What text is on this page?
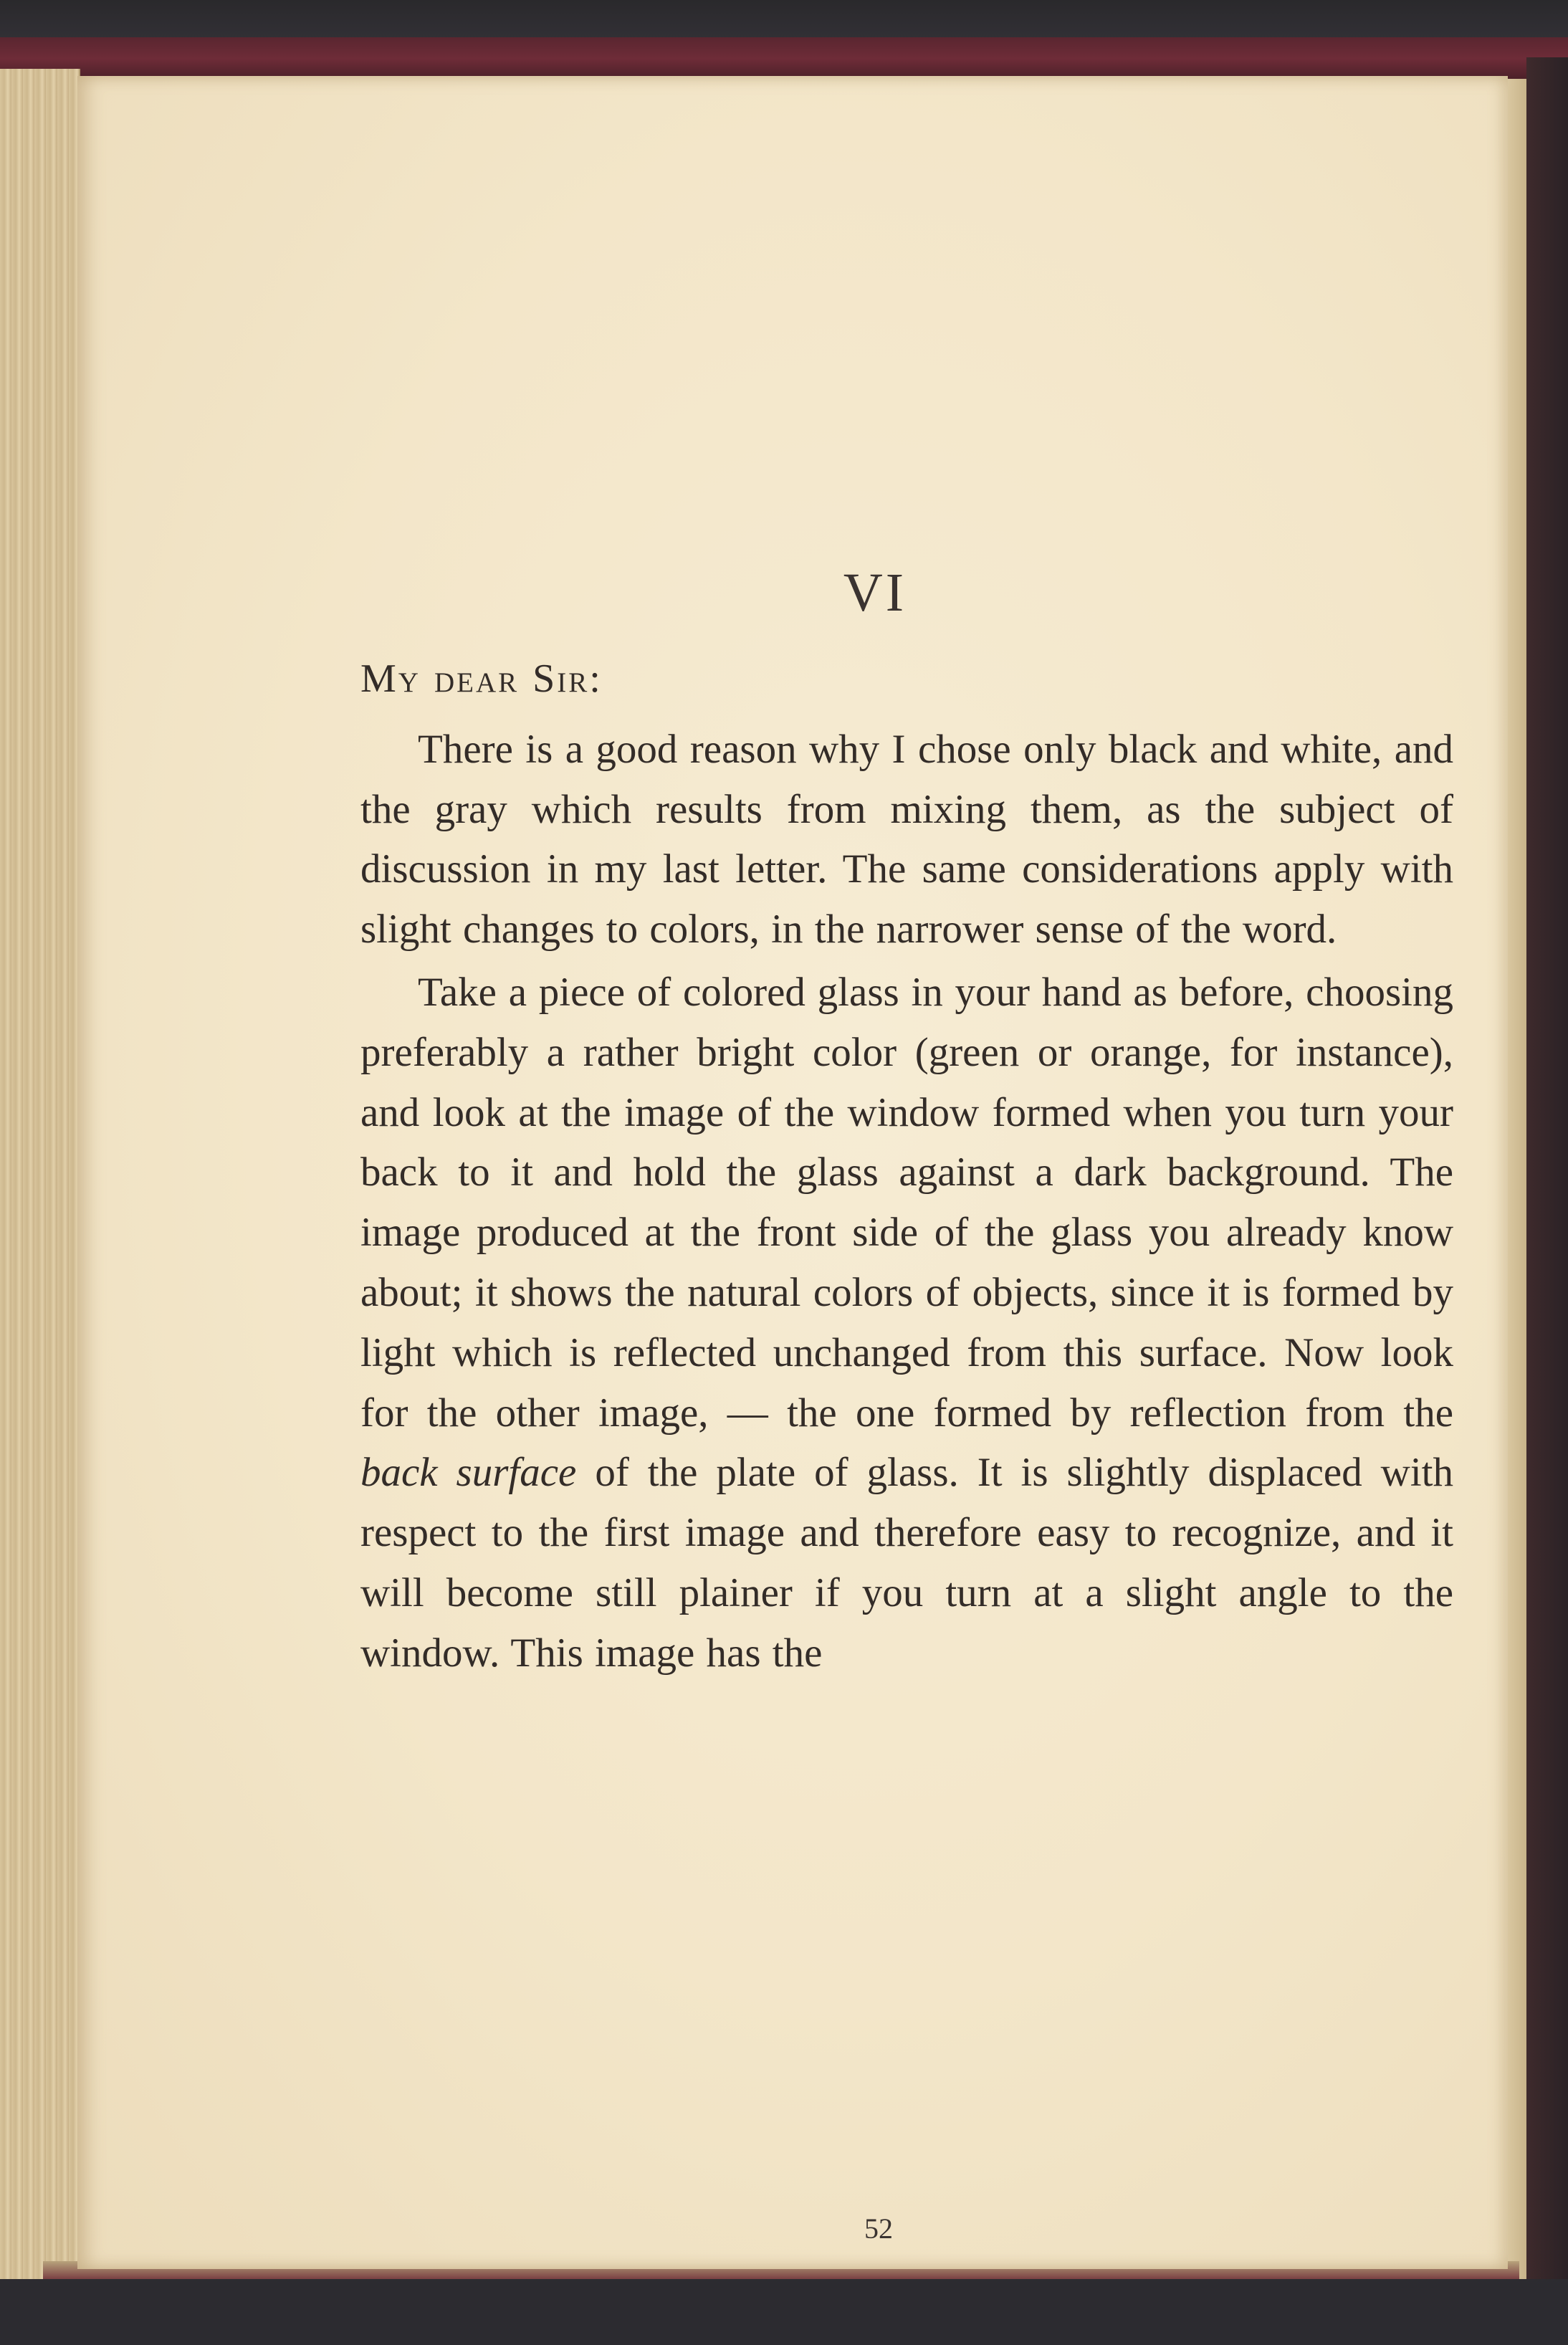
VI

My dear Sir:

There is a good reason why I chose only black and white, and the gray which results from mixing them, as the subject of discussion in my last letter. The same considerations apply with slight changes to colors, in the narrower sense of the word.

Take a piece of colored glass in your hand as before, choosing preferably a rather bright color (green or orange, for instance), and look at the image of the window formed when you turn your back to it and hold the glass against a dark background. The image produced at the front side of the glass you already know about; it shows the natural colors of objects, since it is formed by light which is reflected unchanged from this surface. Now look for the other image, — the one formed by reflection from the back surface of the plate of glass. It is slightly displaced with respect to the first image and therefore easy to recognize, and it will become still plainer if you turn at a slight angle to the window. This image has the

52
